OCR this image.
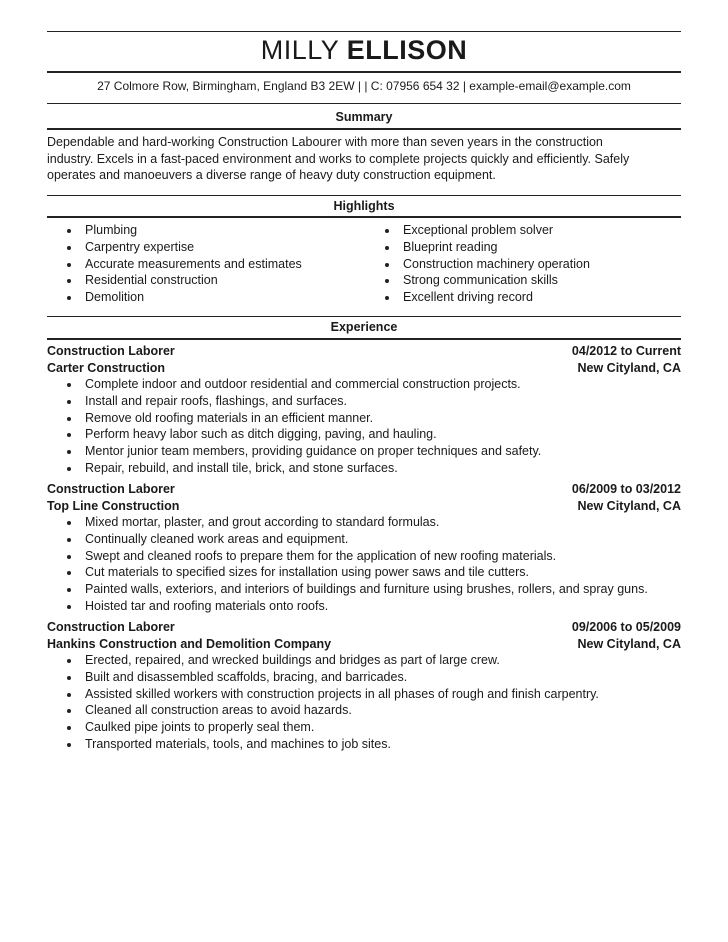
MILLY ELLISON
27 Colmore Row, Birmingham, England B3 2EW | | C: 07956 654 32 | example-email@example.com
Summary
Dependable and hard-working Construction Labourer with more than seven years in the construction
industry. Excels in a fast-paced environment and works to complete projects quickly and efficiently. Safely
operates and manoeuvers a diverse range of heavy duty construction equipment.
Highlights
Plumbing
Carpentry expertise
Accurate measurements and estimates
Residential construction
Demolition
Exceptional problem solver
Blueprint reading
Construction machinery operation
Strong communication skills
Excellent driving record
Experience
Construction Laborer	04/2012 to Current
Carter Construction	New Cityland, CA
Complete indoor and outdoor residential and commercial construction projects.
Install and repair roofs, flashings, and surfaces.
Remove old roofing materials in an efficient manner.
Perform heavy labor such as ditch digging, paving, and hauling.
Mentor junior team members, providing guidance on proper techniques and safety.
Repair, rebuild, and install tile, brick, and stone surfaces.
Construction Laborer	06/2009 to 03/2012
Top Line Construction	New Cityland, CA
Mixed mortar, plaster, and grout according to standard formulas.
Continually cleaned work areas and equipment.
Swept and cleaned roofs to prepare them for the application of new roofing materials.
Cut materials to specified sizes for installation using power saws and tile cutters.
Painted walls, exteriors, and interiors of buildings and furniture using brushes, rollers, and spray guns.
Hoisted tar and roofing materials onto roofs.
Construction Laborer	09/2006 to 05/2009
Hankins Construction and Demolition Company	New Cityland, CA
Erected, repaired, and wrecked buildings and bridges as part of large crew.
Built and disassembled scaffolds, bracing, and barricades.
Assisted skilled workers with construction projects in all phases of rough and finish carpentry.
Cleaned all construction areas to avoid hazards.
Caulked pipe joints to properly seal them.
Transported materials, tools, and machines to job sites.
